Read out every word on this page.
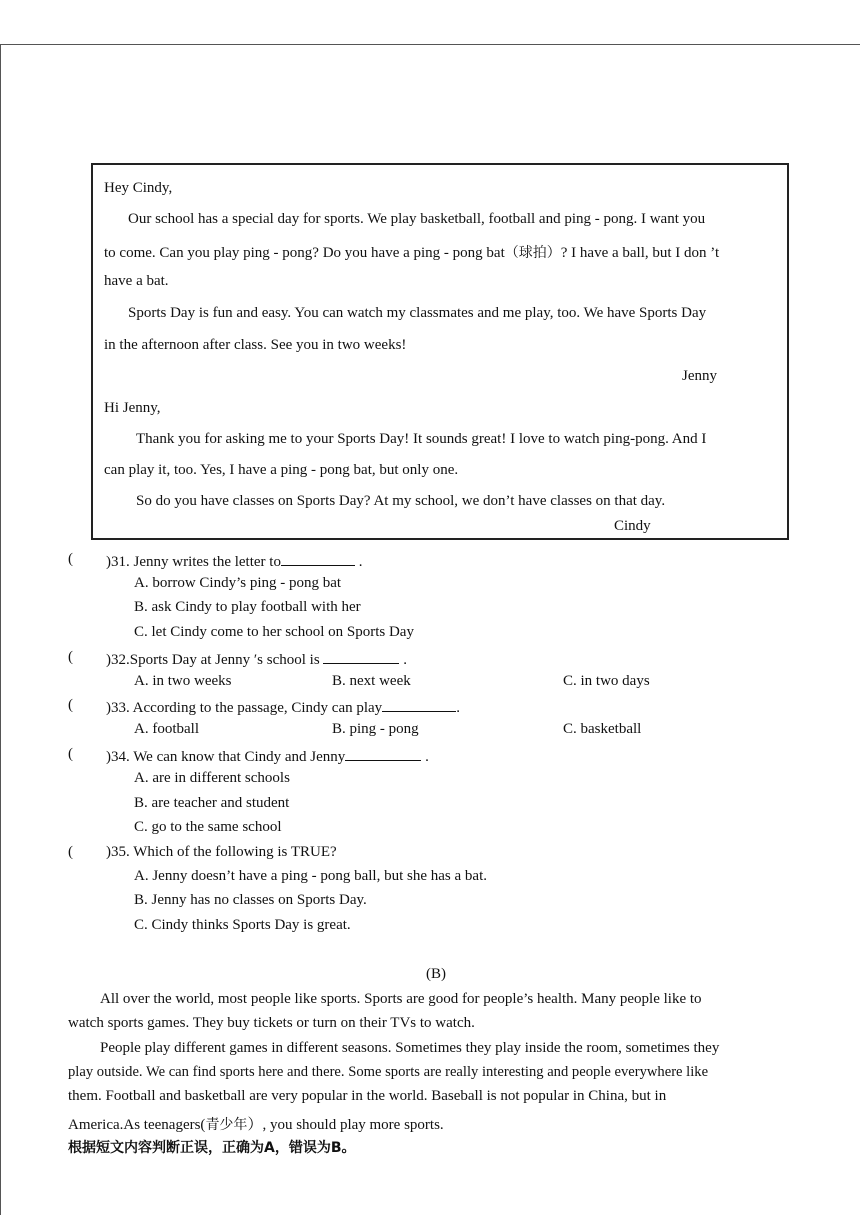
Hey Cindy,
Our school has a special day for sports. We play basketball, football and ping - pong. I want you
to come. Can you play ping - pong? Do you have a ping - pong bat（球拍）? I have a ball, but I don ’t
have a bat.
Sports Day is fun and easy. You can watch my classmates and me play, too. We have Sports Day
in the afternoon after class. See you in two weeks!
Jenny
Hi Jenny,
Thank you for asking me to your Sports Day! It sounds great! I love to watch ping-pong. And I
can play it, too. Yes, I have a ping - pong bat, but only one.
So do you have classes on Sports Day? At my school, we don’t have classes on that day.
Cindy
( )31. Jenny writes the letter to	.
A. borrow Cindy’s ping - pong bat
B. ask Cindy to play football with her
C. let Cindy come to her school on Sports Day
( )32.Sports Day at Jenny ′s school is	.
A. in two weeks	B. next week	C. in two days
( )33. According to the passage, Cindy can play	.
A. football	B. ping - pong	C. basketball
( )34. We can know that Cindy and Jenny	.
A. are in different schools
B. are teacher and student
C. go to the same school
( )35. Which of the following is TRUE?
A. Jenny doesn’t have a ping - pong ball, but she has a bat.
B. Jenny has no classes on Sports Day.
C. Cindy thinks Sports Day is great.
(B)
All over the world, most people like sports. Sports are good for people’s health. Many people like to
watch sports games. They buy tickets or turn on their TVs to watch.
People play different games in different seasons. Sometimes they play inside the room, sometimes they
play outside. We can find sports here and there. Some sports are really interesting and people everywhere like
them. Football and basketball are very popular in the world. Baseball is not popular in China, but in
America.As teenagers(青少年）, you should play more sports.
根据短文内容判断正误，正确为A，错误为B。
